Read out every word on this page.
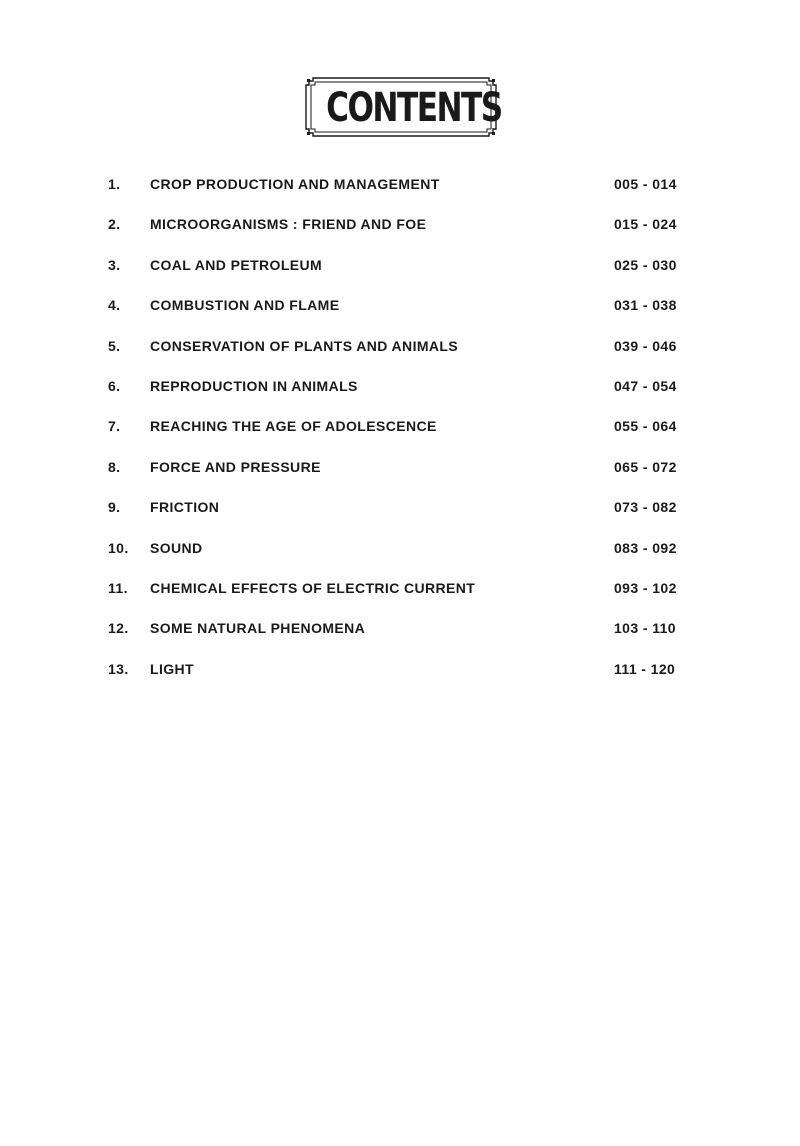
CONTENTS
1. CROP PRODUCTION AND MANAGEMENT	005 - 014
2. MICROORGANISMS : FRIEND AND FOE	015 - 024
3. COAL AND PETROLEUM	025 - 030
4. COMBUSTION AND FLAME	031 - 038
5. CONSERVATION OF PLANTS AND ANIMALS	039 - 046
6. REPRODUCTION IN ANIMALS	047 - 054
7. REACHING THE AGE OF ADOLESCENCE	055 - 064
8. FORCE AND PRESSURE	065 - 072
9. FRICTION	073 - 082
10. SOUND	083 - 092
11. CHEMICAL EFFECTS OF ELECTRIC CURRENT	093 - 102
12. SOME NATURAL PHENOMENA	103 - 110
13. LIGHT	111 - 120
